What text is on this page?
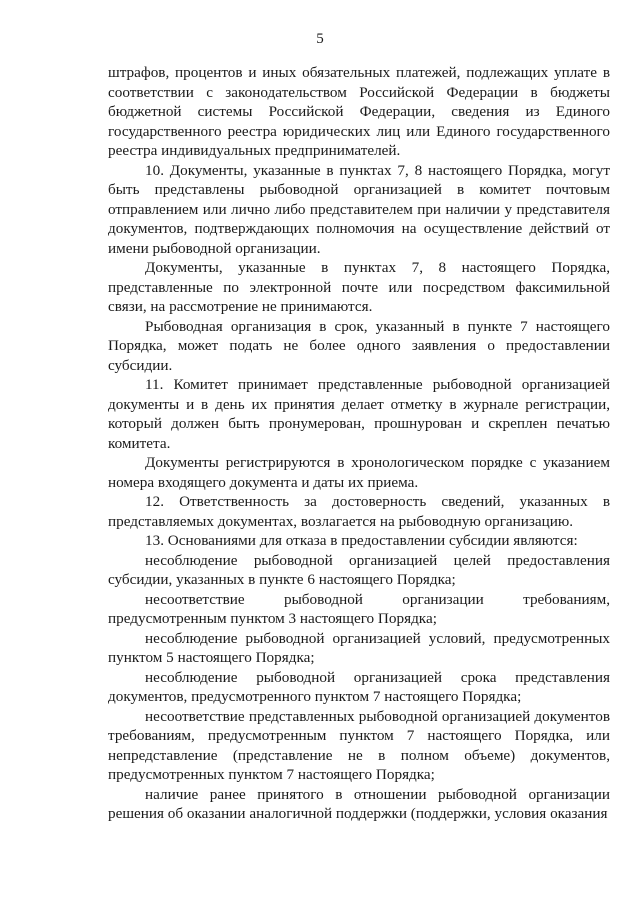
5

штрафов, процентов и иных обязательных платежей, подлежащих уплате в соответствии с законодательством Российской Федерации в бюджеты бюджетной системы Российской Федерации, сведения из Единого государственного реестра юридических лиц или Единого государственного реестра индивидуальных предпринимателей.

10. Документы, указанные в пунктах 7, 8 настоящего Порядка, могут быть представлены рыбоводной организацией в комитет почтовым отправлением или лично либо представителем при наличии у представителя документов, подтверждающих полномочия на осуществление действий от имени рыбоводной организации.

Документы, указанные в пунктах 7, 8 настоящего Порядка, представленные по электронной почте или посредством факсимильной связи, на рассмотрение не принимаются.

Рыбоводная организация в срок, указанный в пункте 7 настоящего Порядка, может подать не более одного заявления о предоставлении субсидии.

11. Комитет принимает представленные рыбоводной организацией документы и в день их принятия делает отметку в журнале регистрации, который должен быть пронумерован, прошнурован и скреплен печатью комитета.

Документы регистрируются в хронологическом порядке с указанием номера входящего документа и даты их приема.

12. Ответственность за достоверность сведений, указанных в представляемых документах, возлагается на рыбоводную организацию.

13. Основаниями для отказа в предоставлении субсидии являются:

несоблюдение рыбоводной организацией целей предоставления субсидии, указанных в пункте 6 настоящего Порядка;

несоответствие рыбоводной организации требованиям, предусмотренным пунктом 3 настоящего Порядка;

несоблюдение рыбоводной организацией условий, предусмотренных пунктом 5 настоящего Порядка;

несоблюдение рыбоводной организацией срока представления документов, предусмотренного пунктом 7 настоящего Порядка;

несоответствие представленных рыбоводной организацией документов требованиям, предусмотренным пунктом 7 настоящего Порядка, или непредставление (представление не в полном объеме) документов, предусмотренных пунктом 7 настоящего Порядка;

наличие ранее принятого в отношении рыбоводной организации решения об оказании аналогичной поддержки (поддержки, условия оказания
